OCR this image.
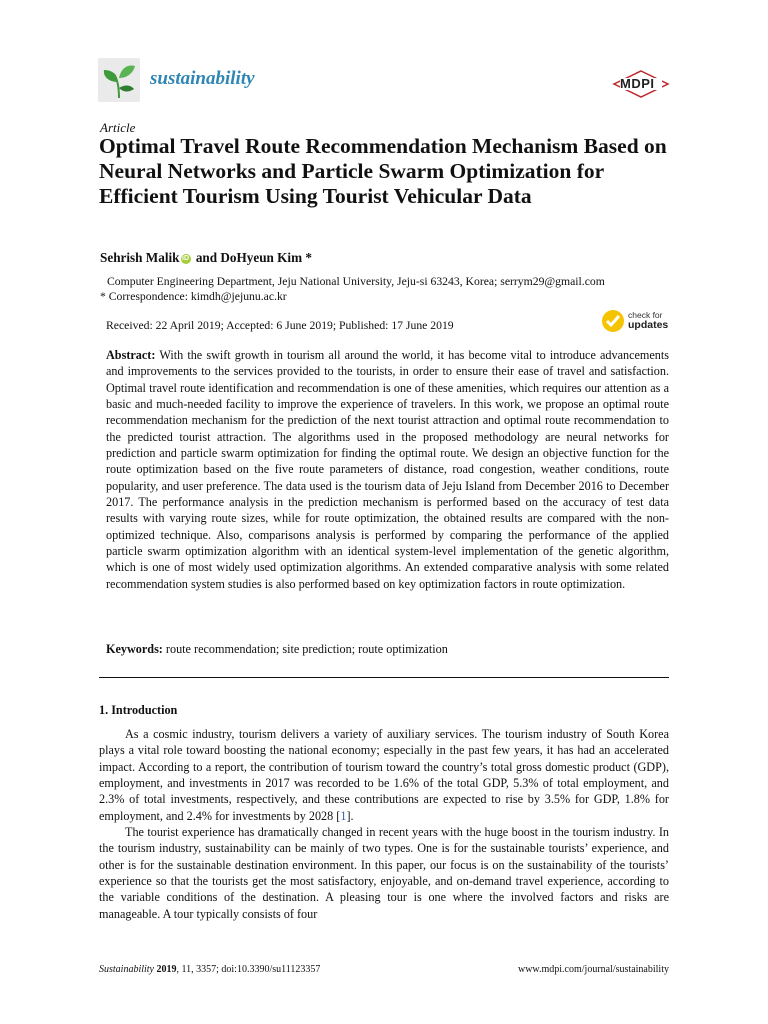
sustainability	MDPI
Article
Optimal Travel Route Recommendation Mechanism Based on Neural Networks and Particle Swarm Optimization for Efficient Tourism Using Tourist Vehicular Data
Sehrish Malik iD and DoHyeun Kim *
Computer Engineering Department, Jeju National University, Jeju-si 63243, Korea; serrym29@gmail.com
* Correspondence: kimdh@jejunu.ac.kr
Received: 22 April 2019; Accepted: 6 June 2019; Published: 17 June 2019
check for
updates

Abstract: With the swift growth in tourism all around the world, it has become vital to introduce advancements and improvements to the services provided to the tourists, in order to ensure their ease of travel and satisfaction. Optimal travel route identification and recommendation is one of these amenities, which requires our attention as a basic and much-needed facility to improve the experience of travelers. In this work, we propose an optimal route recommendation mechanism for the prediction of the next tourist attraction and optimal route recommendation to the predicted tourist attraction. The algorithms used in the proposed methodology are neural networks for prediction and particle swarm optimization for finding the optimal route. We design an objective function for the route optimization based on the five route parameters of distance, road congestion, weather conditions, route popularity, and user preference. The data used is the tourism data of Jeju Island from December 2016 to December 2017. The performance analysis in the prediction mechanism is performed based on the accuracy of test data results with varying route sizes, while for route optimization, the obtained results are compared with the non-optimized technique. Also, comparisons analysis is performed by comparing the performance of the applied particle swarm optimization algorithm with an identical system-level implementation of the genetic algorithm, which is one of most widely used optimization algorithms. An extended comparative analysis with some related recommendation system studies is also performed based on key optimization factors in route optimization.

Keywords: route recommendation; site prediction; route optimization

1. Introduction

As a cosmic industry, tourism delivers a variety of auxiliary services. The tourism industry of South Korea plays a vital role toward boosting the national economy; especially in the past few years, it has had an accelerated impact. According to a report, the contribution of tourism toward the country’s total gross domestic product (GDP), employment, and investments in 2017 was recorded to be 1.6% of the total GDP, 5.3% of total employment, and 2.3% of total investments, respectively, and these contributions are expected to rise by 3.5% for GDP, 1.8% for employment, and 2.4% for investments by 2028 [1].

The tourist experience has dramatically changed in recent years with the huge boost in the tourism industry. In the tourism industry, sustainability can be mainly of two types. One is for the sustainable tourists’ experience, and other is for the sustainable destination environment. In this paper, our focus is on the sustainability of the tourists’ experience so that the tourists get the most satisfactory, enjoyable, and on-demand travel experience, according to the variable conditions of the destination. A pleasing tour is one where the involved factors and risks are manageable. A tour typically consists of four

Sustainability 2019, 11, 3357; doi:10.3390/su11123357	www.mdpi.com/journal/sustainability
